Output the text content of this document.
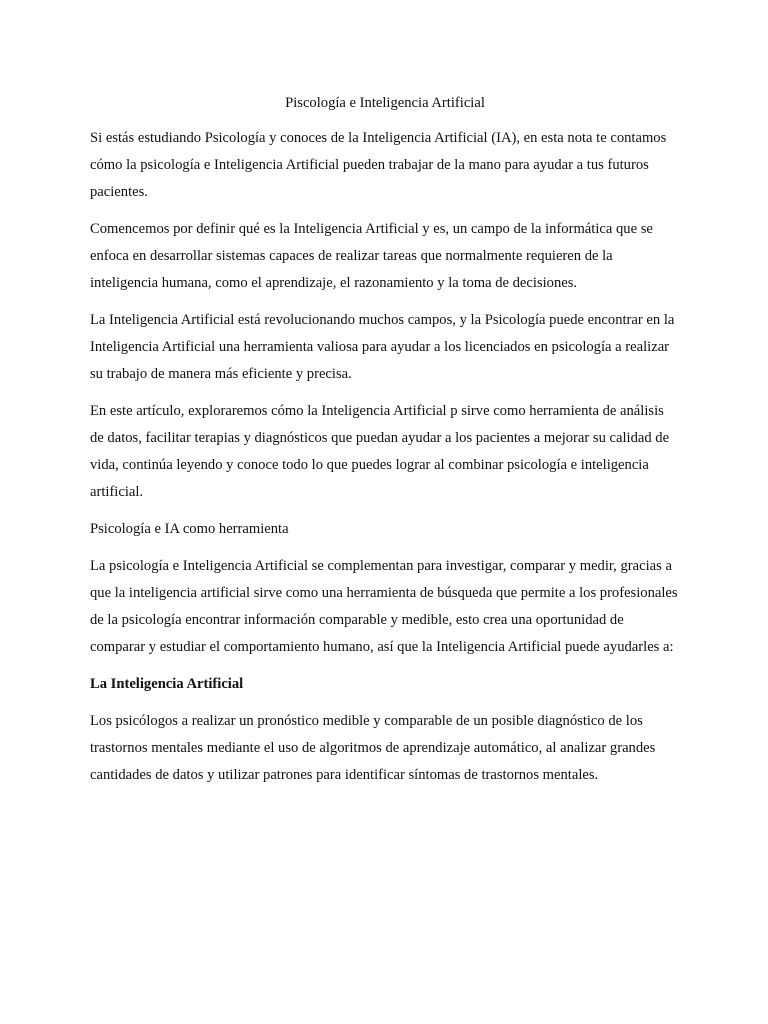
Piscología e Inteligencia Artificial

Si estás estudiando Psicología y conoces de la Inteligencia Artificial (IA), en esta nota te contamos cómo la psicología e Inteligencia Artificial pueden trabajar de la mano para ayudar a tus futuros pacientes.

Comencemos por definir qué es la Inteligencia Artificial y es, un campo de la informática que se enfoca en desarrollar sistemas capaces de realizar tareas que normalmente requieren de la inteligencia humana, como el aprendizaje, el razonamiento y la toma de decisiones.

La Inteligencia Artificial está revolucionando muchos campos, y la Psicología puede encontrar en la Inteligencia Artificial una herramienta valiosa para ayudar a los licenciados en psicología a realizar su trabajo de manera más eficiente y precisa.

En este artículo, exploraremos cómo la Inteligencia Artificial p sirve como herramienta de análisis de datos, facilitar terapias y diagnósticos que puedan ayudar a los pacientes a mejorar su calidad de vida, continúa leyendo y conoce todo lo que puedes lograr al combinar psicología e inteligencia artificial.

Psicología e IA como herramienta

La psicología e Inteligencia Artificial se complementan para investigar, comparar y medir, gracias a que la inteligencia artificial sirve como una herramienta de búsqueda que permite a los profesionales de la psicología encontrar información comparable y medible, esto crea una oportunidad de comparar y estudiar el comportamiento humano, así que la Inteligencia Artificial puede ayudarles a:

La Inteligencia Artificial

Los psicólogos a realizar un pronóstico medible y comparable de un posible diagnóstico de los trastornos mentales mediante el uso de algoritmos de aprendizaje automático, al analizar grandes cantidades de datos y utilizar patrones para identificar síntomas de trastornos mentales.
